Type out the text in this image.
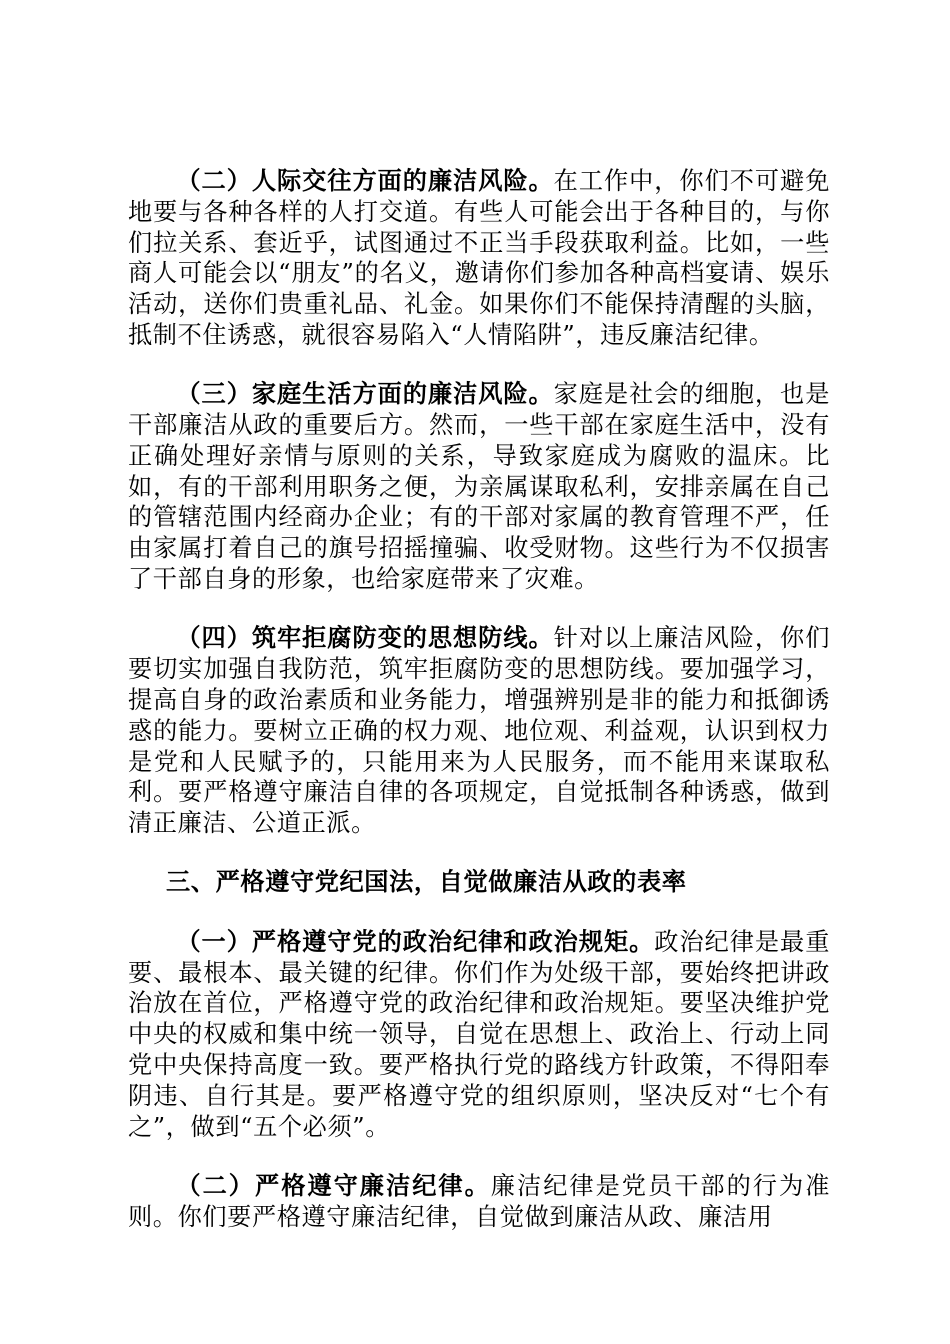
（二）人际交往方面的廉洁风险。在工作中，你们不可避免地要与各种各样的人打交道。有些人可能会出于各种目的，与你们拉关系、套近乎，试图通过不正当手段获取利益。比如，一些商人可能会以“朋友”的名义，邀请你们参加各种高档宴请、娱乐活动，送你们贵重礼品、礼金。如果你们不能保持清醒的头脑，抵制不住诱惑，就很容易陷入“人情陷阱”，违反廉洁纪律。

（三）家庭生活方面的廉洁风险。家庭是社会的细胞，也是干部廉洁从政的重要后方。然而，一些干部在家庭生活中，没有正确处理好亲情与原则的关系，导致家庭成为腐败的温床。比如，有的干部利用职务之便，为亲属谋取私利，安排亲属在自己的管辖范围内经商办企业；有的干部对家属的教育管理不严，任由家属打着自己的旗号招摇撞骗、收受财物。这些行为不仅损害了干部自身的形象，也给家庭带来了灾难。

（四）筑牢拒腐防变的思想防线。针对以上廉洁风险，你们要切实加强自我防范，筑牢拒腐防变的思想防线。要加强学习，提高自身的政治素质和业务能力，增强辨别是非的能力和抵御诱惑的能力。要树立正确的权力观、地位观、利益观，认识到权力是党和人民赋予的，只能用来为人民服务，而不能用来谋取私利。要严格遵守廉洁自律的各项规定，自觉抵制各种诱惑，做到清正廉洁、公道正派。

三、严格遵守党纪国法，自觉做廉洁从政的表率

（一）严格遵守党的政治纪律和政治规矩。政治纪律是最重要、最根本、最关键的纪律。你们作为处级干部，要始终把讲政治放在首位，严格遵守党的政治纪律和政治规矩。要坚决维护党中央的权威和集中统一领导，自觉在思想上、政治上、行动上同党中央保持高度一致。要严格执行党的路线方针政策，不得阳奉阴违、自行其是。要严格遵守党的组织原则，坚决反对“七个有之”，做到“五个必须”。

（二）严格遵守廉洁纪律。廉洁纪律是党员干部的行为准则。你们要严格遵守廉洁纪律，自觉做到廉洁从政、廉洁用
